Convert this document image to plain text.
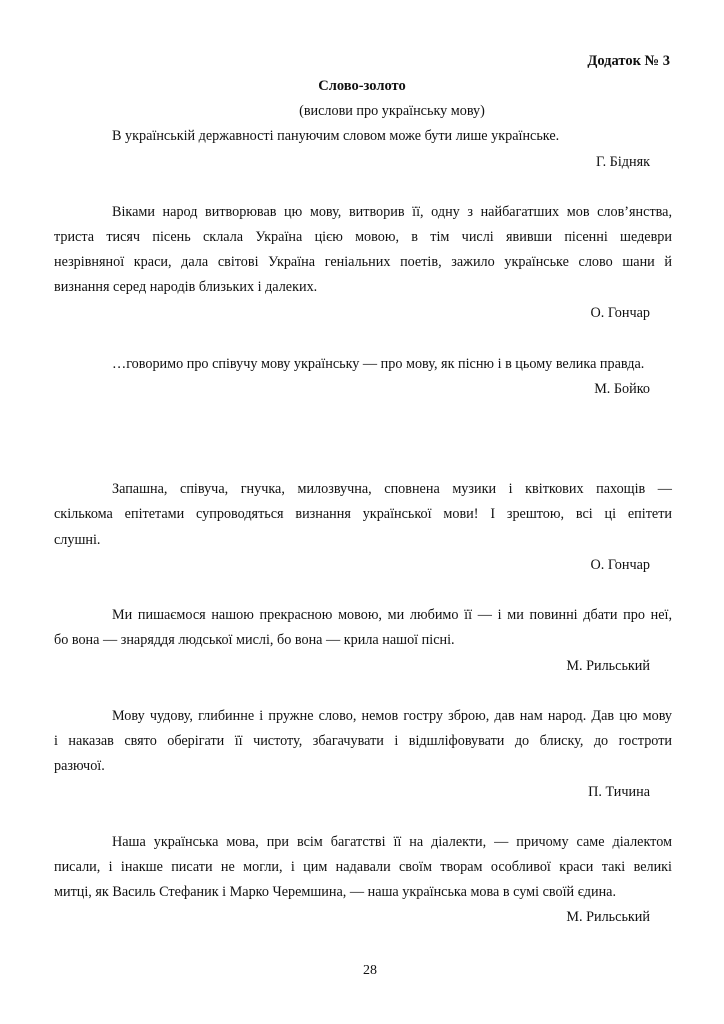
Додаток № 3
Слово-золото
(вислови про українську мову)
В українській державності пануючим словом може бути лише українське.
Г. Бідняк
Віками народ витворював цю мову, витворив її, одну з найбагатших мов слов’янства,
триста тисяч пісень склала Україна цією мовою, в тім числі явивши пісенні шедеври
незрівняної краси, дала світові Україна геніальних поетів, зажило українське слово шани й
визнання серед народів близьких і далеких.
О. Гончар
…говоримо про співучу мову українську — про мову, як пісню і в цьому велика правда.
М. Бойко
Запашна, співуча, гнучка, милозвучна, сповнена музики і квіткових пахощів —
скількома епітетами супроводяться визнання української мови! І зрештою, всі ці епітети
слушні.
О. Гончар
Ми пишаємося нашою прекрасною мовою, ми любимо її — і ми повинні дбати про неї,
бо вона — знаряддя людської мислі, бо вона — крила нашої пісні.
М. Рильський
Мову чудову, глибинне і пружне слово, немов гостру зброю, дав нам народ. Дав цю мову
і наказав свято оберігати її чистоту, збагачувати і відшліфовувати до блиску, до гостроти
разючої.
П. Тичина
Наша українська мова, при всім багатстві її на діалекти, — причому саме діалектом
писали, і інакше писати не могли, і цим надавали своїм творам особливої краси такі великі
митці, як Василь Стефаник і Марко Черемшина, — наша українська мова в сумі своїй єдина.
М. Рильський
28
